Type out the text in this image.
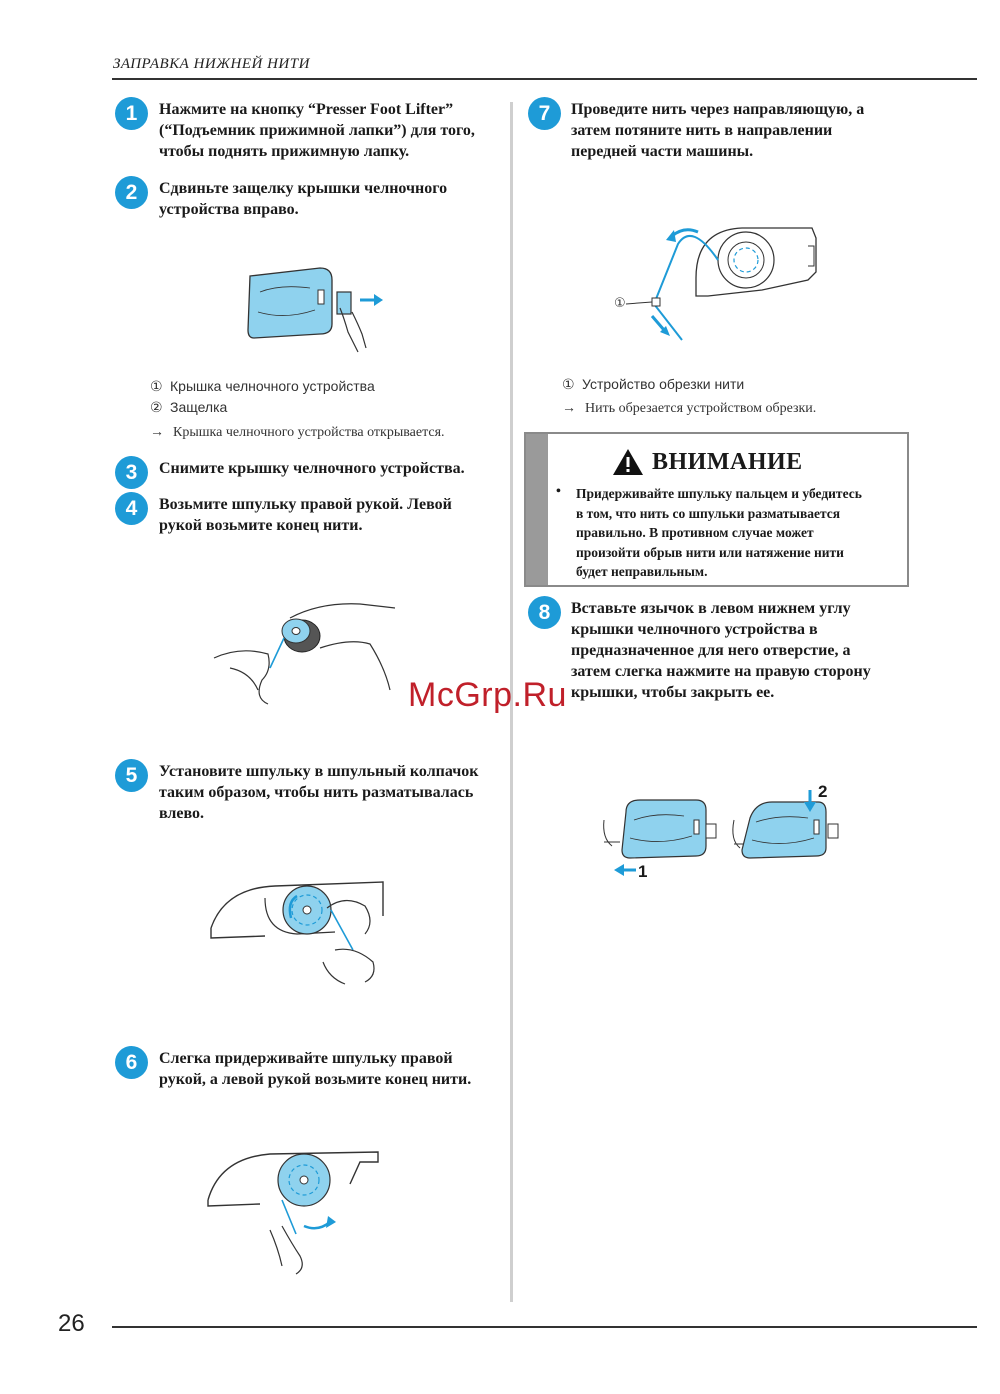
ЗАПРАВКА НИЖНЕЙ НИТИ
1	Нажмите на кнопку “Presser Foot Lifter”
(“Подъемник прижимной лапки”) для того,
чтобы поднять прижимную лапку.
2	Сдвиньте защелку крышки челночного
устройства вправо.
① Крышка челночного устройства
② Защелка
→ Крышка челночного устройства открывается.
3	Снимите крышку челночного устройства.
4	Возьмите шпульку правой рукой. Левой
рукой возьмите конец нити.
5	Установите шпульку в шпульный колпачок
таким образом, чтобы нить разматывалась
влево.
6	Слегка придерживайте шпульку правой
рукой, а левой рукой возьмите конец нити.
7	Проведите нить через направляющую, а
затем потяните нить в направлении
передней части машины.
①
① Устройство обрезки нити
→ Нить обрезается устройством обрезки.
ВНИМАНИЕ
• Придерживайте шпульку пальцем и убедитесь
в том, что нить со шпульки разматывается
правильно. В противном случае может
произойти обрыв нити или натяжение нити
будет неправильным.
8	Вставьте язычок в левом нижнем углу
крышки челночного устройства в
предназначенное для него отверстие, а
затем слегка нажмите на правую сторону
крышки, чтобы закрыть ее.
1
2
McGrp.Ru
26
